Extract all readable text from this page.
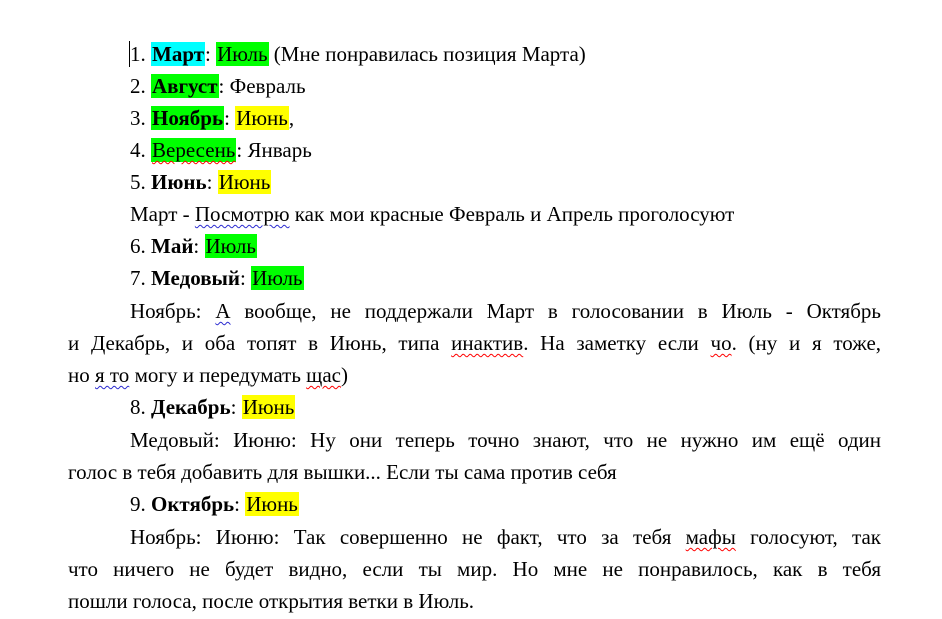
1. Март: Июль (Мне понравилась позиция Марта)
2. Август: Февраль
3. Ноябрь: Июнь,
4. Вересень: Январь
5. Июнь: Июнь
Март - Посмотрю как мои красные Февраль и Апрель проголосуют
6. Май: Июль
7. Медовый: Июль
Ноябрь: А вообще, не поддержали Март в голосовании в Июль - Октябрь
и Декабрь, и оба топят в Июнь, типа инактив. На заметку если чо. (ну и я тоже,
но я то могу и передумать щас)
8. Декабрь: Июнь
Медовый: Июню: Ну они теперь точно знают, что не нужно им ещё один
голос в тебя добавить для вышки... Если ты сама против себя
9. Октябрь: Июнь
Ноябрь: Июню: Так совершенно не факт, что за тебя мафы голосуют, так
что ничего не будет видно, если ты мир. Но мне не понравилось, как в тебя
пошли голоса, после открытия ветки в Июль.
